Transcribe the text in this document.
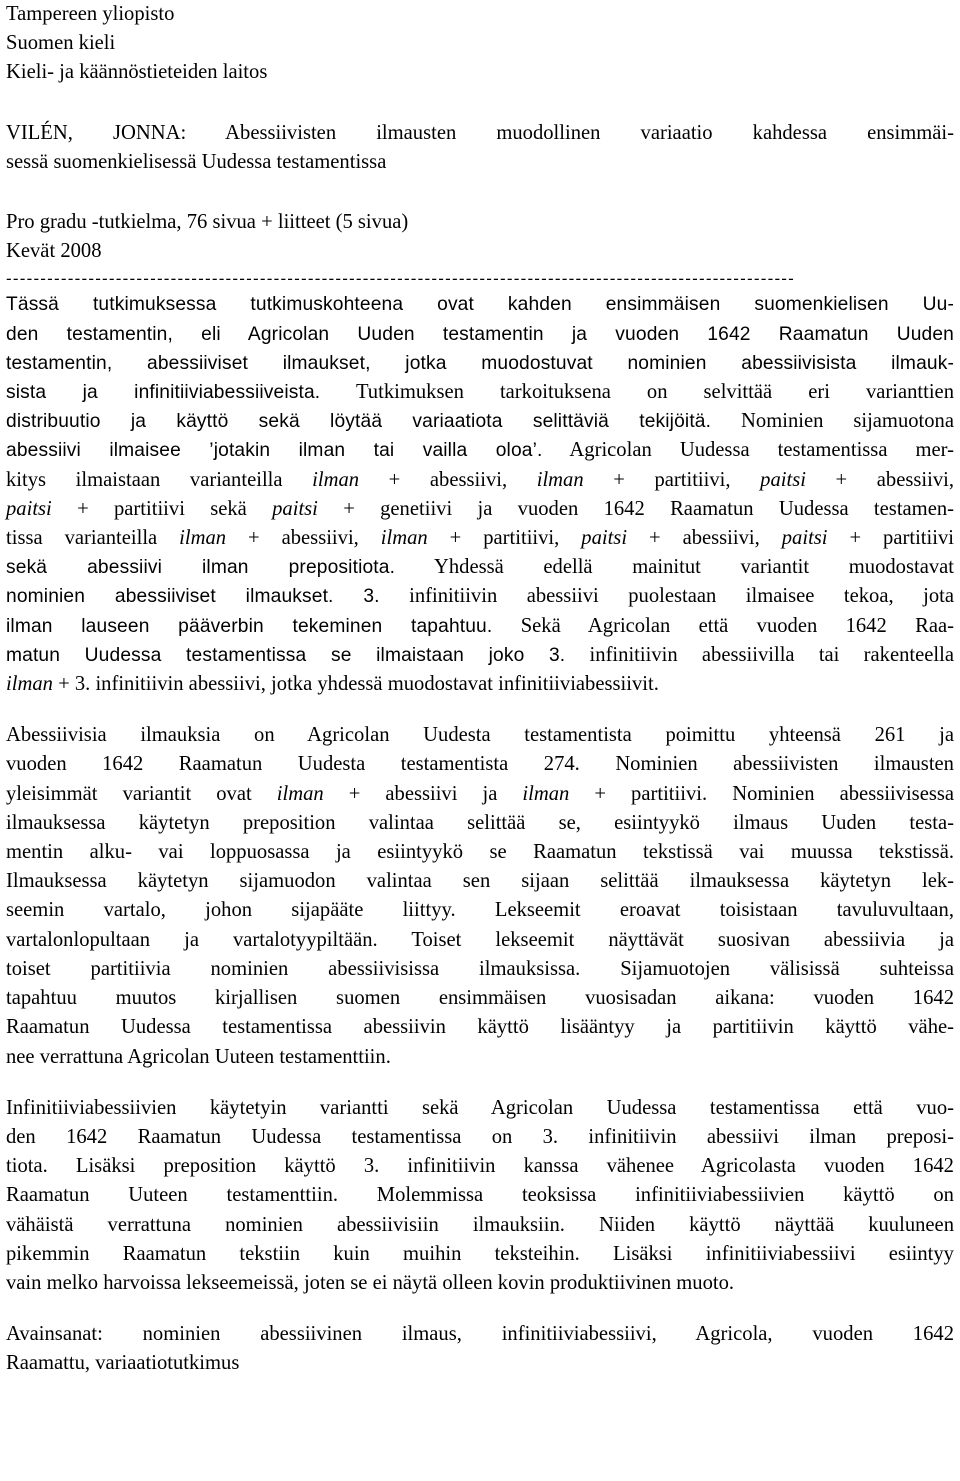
Tampereen yliopisto
Suomen kieli
Kieli- ja käännöstieteiden laitos
VILÉN, JONNA: Abessiivisten ilmausten muodollinen variaatio kahdessa ensimmäi-
sessä suomenkielisessä Uudessa testamentissa
Pro gradu -tutkielma, 76 sivua + liitteet (5 sivua)
Kevät 2008
-------------------------------------------------------------------------------------------------------------------
Tässä tutkimuksessa tutkimuskohteena ovat kahden ensimmäisen suomenkielisen Uu-
den testamentin, eli Agricolan Uuden testamentin ja vuoden 1642 Raamatun Uuden
testamentin, abessiiviset ilmaukset, jotka muodostuvat nominien abessiivisista ilmauk-
sista ja infinitiiviabessiiveista. Tutkimuksen tarkoituksena on selvittää eri varianttien
distribuutio ja käyttö sekä löytää variaatiota selittäviä tekijöitä. Nominien sijamuotona
abessiivi ilmaisee ’jotakin ilman tai vailla oloa’. Agricolan Uudessa testamentissa mer-
kitys ilmaistaan varianteilla ilman + abessiivi, ilman + partitiivi, paitsi + abessiivi,
paitsi + partitiivi sekä paitsi + genetiivi ja vuoden 1642 Raamatun Uudessa testamen-
tissa varianteilla ilman + abessiivi, ilman + partitiivi, paitsi + abessiivi, paitsi + partitiivi
sekä abessiivi ilman prepositiota. Yhdessä edellä mainitut variantit muodostavat
nominien abessiiviset ilmaukset. 3. infinitiivin abessiivi puolestaan ilmaisee tekoa, jota
ilman lauseen pääverbin tekeminen tapahtuu. Sekä Agricolan että vuoden 1642 Raa-
matun Uudessa testamentissa se ilmaistaan joko 3. infinitiivin abessiivilla tai rakenteella
ilman + 3. infinitiivin abessiivi, jotka yhdessä muodostavat infinitiiviabessiivit.
Abessiivisia ilmauksia on Agricolan Uudesta testamentista poimittu yhteensä 261 ja
vuoden 1642 Raamatun Uudesta testamentista 274. Nominien abessiivisten ilmausten
yleisimmät variantit ovat ilman + abessiivi ja ilman + partitiivi. Nominien abessiivisessa
ilmauksessa käytetyn preposition valintaa selittää se, esiintyykö ilmaus Uuden testa-
mentin alku- vai loppuosassa ja esiintyykö se Raamatun tekstissä vai muussa tekstissä.
Ilmauksessa käytetyn sijamuodon valintaa sen sijaan selittää ilmauksessa käytetyn lek-
seemin vartalo, johon sijapääte liittyy. Lekseemit eroavat toisistaan tavuluvultaan,
vartalonlopultaan ja vartalotyypiltään. Toiset lekseemit näyttävät suosivan abessiivia ja
toiset partitiivia nominien abessiivisissa ilmauksissa. Sijamuotojen välisissä suhteissa
tapahtuu muutos kirjallisen suomen ensimmäisen vuosisadan aikana: vuoden 1642
Raamatun Uudessa testamentissa abessiivin käyttö lisääntyy ja partitiivin käyttö vähe-
nee verrattuna Agricolan Uuteen testamenttiin.
Infinitiiviabessiivien käytetyin variantti sekä Agricolan Uudessa testamentissa että vuo-
den 1642 Raamatun Uudessa testamentissa on 3. infinitiivin abessiivi ilman preposi-
tiota. Lisäksi preposition käyttö 3. infinitiivin kanssa vähenee Agricolasta vuoden 1642
Raamatun Uuteen testamenttiin. Molemmissa teoksissa infinitiiviabessiivien käyttö on
vähäistä verrattuna nominien abessiivisiin ilmauksiin. Niiden käyttö näyttää kuuluneen
pikemmin Raamatun tekstiin kuin muihin teksteihin. Lisäksi infinitiiviabessiivi esiintyy
vain melko harvoissa lekseemeissä, joten se ei näytä olleen kovin produktiivinen muoto.
Avainsanat: nominien abessiivinen ilmaus, infinitiiviabessiivi, Agricola, vuoden 1642
Raamattu, variaatiotutkimus
